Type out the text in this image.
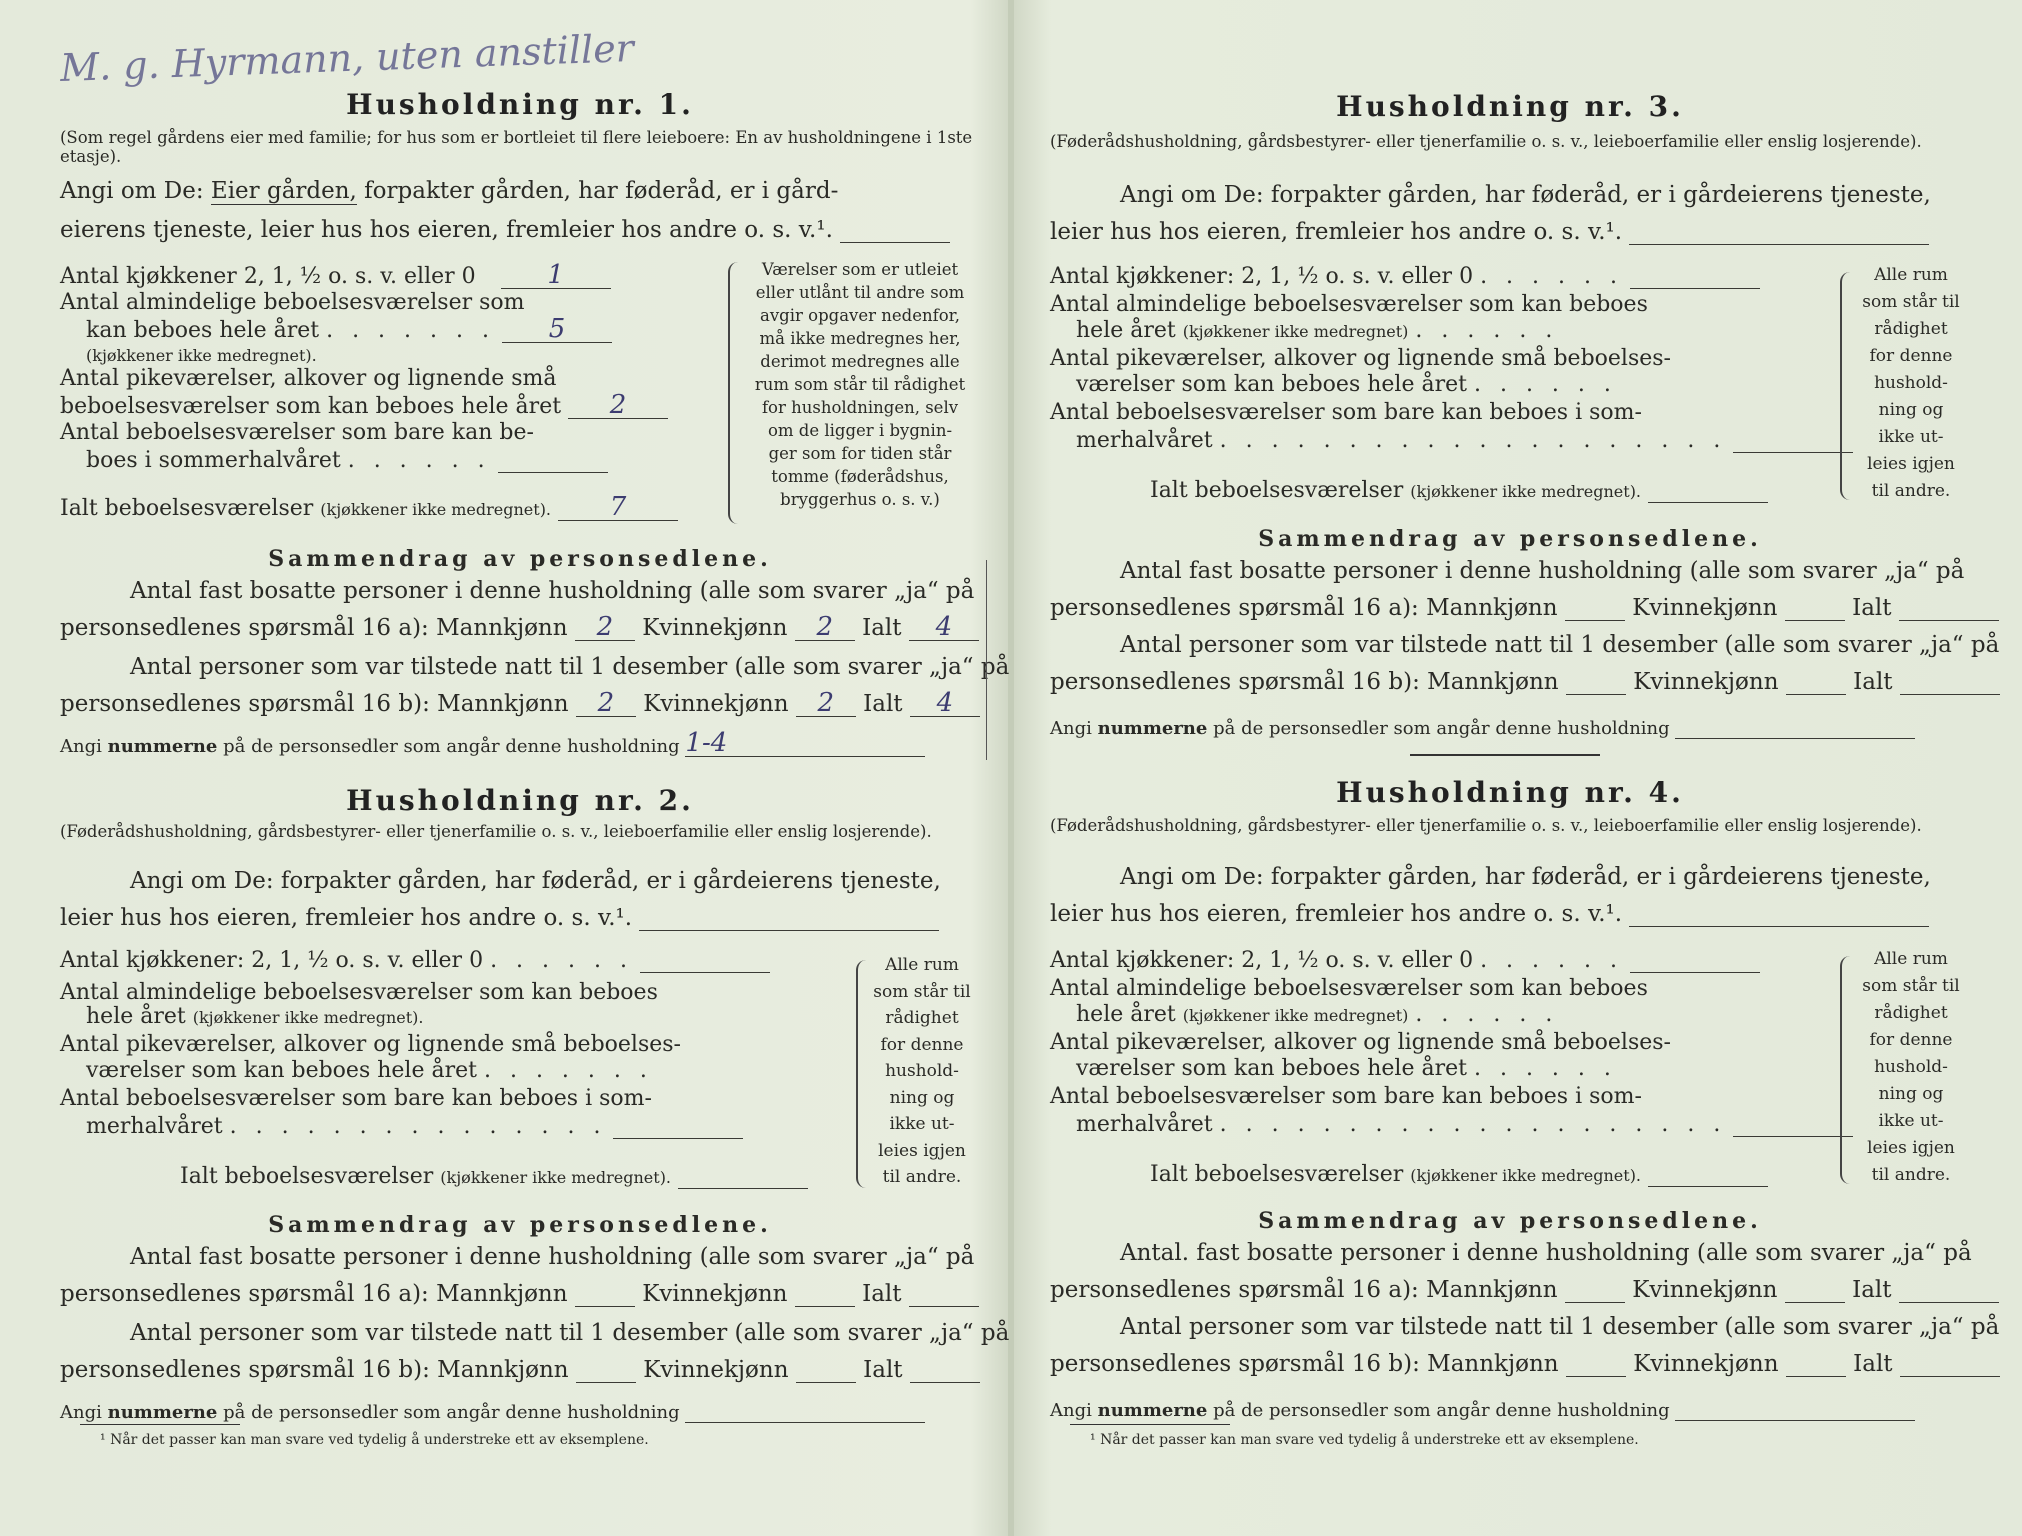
M. g. Hyrmann, uten anstiller
Husholdning nr. 1.
(Som regel gårdens eier med familie; for hus som er bortleiet til flere leieboere: En av husholdningene i 1ste etasje).
Angi om De: Eier gården, forpakter gården, har føderåd, er i gård-
eierens tjeneste, leier hus hos eieren, fremleier hos andre o. s. v.¹.
Antal kjøkkener 2, 1, ½ o. s. v. eller 0	1
Antal almindelige beboelsesværelser som
kan beboes hele året . . . . . . . 5
(kjøkkener ikke medregnet).
Antal pikeværelser, alkover og lignende små
beboelsesværelser som kan beboes hele året 2
Antal beboelsesværelser som bare kan be-
boes i sommerhalvåret . . . . . .
Ialt beboelsesværelser (kjøkkener ikke medregnet). 7
Værelser som er utleiet
eller utlånt til andre som
avgir opgaver nedenfor,
må ikke medregnes her,
derimot medregnes alle
rum som står til rådighet
for husholdningen, selv
om de ligger i bygnin-
ger som for tiden står
tomme (føderådshus,
bryggerhus o. s. v.)
Sammendrag av personsedlene.
Antal fast bosatte personer i denne husholdning (alle som svarer „ja“ på
personsedlenes spørsmål 16 a): Mannkjønn 2 Kvinnekjønn 2 Ialt 4
Antal personer som var tilstede natt til 1 desember (alle som svarer „ja“ på
personsedlenes spørsmål 16 b): Mannkjønn 2 Kvinnekjønn 2 Ialt 4
Angi nummerne på de personsedler som angår denne husholdning 1-4
Husholdning nr. 2.
(Føderådshusholdning, gårdsbestyrer- eller tjenerfamilie o. s. v., leieboerfamilie eller enslig losjerende).
Angi om De: forpakter gården, har føderåd, er i gårdeierens tjeneste,
leier hus hos eieren, fremleier hos andre o. s. v.¹.
Antal kjøkkener: 2, 1, ½ o. s. v. eller 0 . . . . . .
Antal almindelige beboelsesværelser som kan beboes
hele året (kjøkkener ikke medregnet).
Antal pikeværelser, alkover og lignende små beboelses-
værelser som kan beboes hele året . . . . . . .
Antal beboelsesværelser som bare kan beboes i som-
merhalvåret . . . . . . . . . . . . . . .
Ialt beboelsesværelser (kjøkkener ikke medregnet).
Alle rum
som står til
rådighet
for denne
hushold-
ning og
ikke ut-
leies igjen
til andre.
Sammendrag av personsedlene.
Antal fast bosatte personer i denne husholdning (alle som svarer „ja“ på
personsedlenes spørsmål 16 a): Mannkjønn	Kvinnekjønn	Ialt
Antal personer som var tilstede natt til 1 desember (alle som svarer „ja“ på
personsedlenes spørsmål 16 b): Mannkjønn	Kvinnekjønn	Ialt
Angi nummerne på de personsedler som angår denne husholdning
¹ Når det passer kan man svare ved tydelig å understreke ett av eksemplene.
Husholdning nr. 3.
(Føderådshusholdning, gårdsbestyrer- eller tjenerfamilie o. s. v., leieboerfamilie eller enslig losjerende).
Angi om De: forpakter gården, har føderåd, er i gårdeierens tjeneste,
leier hus hos eieren, fremleier hos andre o. s. v.¹.
Antal kjøkkener: 2, 1, ½ o. s. v. eller 0 . . . . . .
Antal almindelige beboelsesværelser som kan beboes
hele året (kjøkkener ikke medregnet) . . . . . .
Antal pikeværelser, alkover og lignende små beboelses-
værelser som kan beboes hele året . . . . . .
Antal beboelsesværelser som bare kan beboes i som-
merhalvåret . . . . . . . . . . . . . . . . . . . .
Ialt beboelsesværelser (kjøkkener ikke medregnet).
Alle rum
som står til
rådighet
for denne
hushold-
ning og
ikke ut-
leies igjen
til andre.
Sammendrag av personsedlene.
Antal fast bosatte personer i denne husholdning (alle som svarer „ja“ på
personsedlenes spørsmål 16 a): Mannkjønn	Kvinnekjønn	Ialt
Antal personer som var tilstede natt til 1 desember (alle som svarer „ja“ på
personsedlenes spørsmål 16 b): Mannkjønn	Kvinnekjønn	Ialt
Angi nummerne på de personsedler som angår denne husholdning
Husholdning nr. 4.
(Føderådshusholdning, gårdsbestyrer- eller tjenerfamilie o. s. v., leieboerfamilie eller enslig losjerende).
Angi om De: forpakter gården, har føderåd, er i gårdeierens tjeneste,
leier hus hos eieren, fremleier hos andre o. s. v.¹.
Antal kjøkkener: 2, 1, ½ o. s. v. eller 0 . . . . . .
Antal almindelige beboelsesværelser som kan beboes
hele året (kjøkkener ikke medregnet) . . . . . .
Antal pikeværelser, alkover og lignende små beboelses-
værelser som kan beboes hele året . . . . . .
Antal beboelsesværelser som bare kan beboes i som-
merhalvåret . . . . . . . . . . . . . . . . . . . .
Ialt beboelsesværelser (kjøkkener ikke medregnet).
Alle rum
som står til
rådighet
for denne
hushold-
ning og
ikke ut-
leies igjen
til andre.
Sammendrag av personsedlene.
Antal. fast bosatte personer i denne husholdning (alle som svarer „ja“ på
personsedlenes spørsmål 16 a): Mannkjønn	Kvinnekjønn	Ialt
Antal personer som var tilstede natt til 1 desember (alle som svarer „ja“ på
personsedlenes spørsmål 16 b): Mannkjønn	Kvinnekjønn	Ialt
Angi nummerne på de personsedler som angår denne husholdning
¹ Når det passer kan man svare ved tydelig å understreke ett av eksemplene.
